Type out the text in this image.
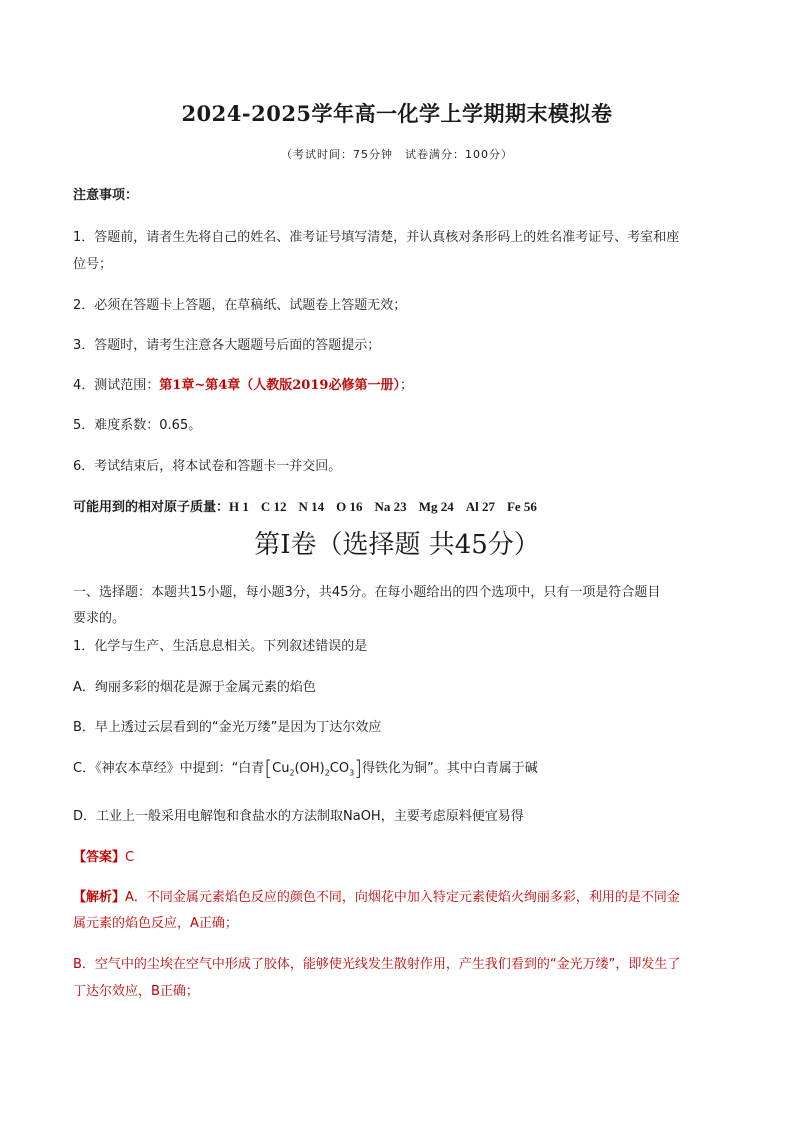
2024-2025学年高一化学上学期期末模拟卷
（考试时间：75分钟　试卷满分：100分）
注意事项：
1．答题前，请者生先将自己的姓名、准考证号填写清楚，并认真核对条形码上的姓名准考证号、考室和座
位号；
2．必须在答题卡上答题，在草稿纸、试题卷上答题无效；
3．答题时，请考生注意各大题题号后面的答题提示；
4．测试范围：第1章~第4章（人教版2019必修第一册）；
5．难度系数：0.65。
6．考试结束后，将本试卷和答题卡一并交回。
可能用到的相对原子质量：H 1 C 12 N 14 O 16 Na 23 Mg 24 Al 27 Fe 56
第Ⅰ卷（选择题 共45分）
一、选择题：本题共15小题，每小题3分，共45分。在每小题给出的四个选项中，只有一项是符合题目
要求的。
1．化学与生产、生活息息相关。下列叙述错误的是
A．绚丽多彩的烟花是源于金属元素的焰色
B．早上透过云层看到的“金光万缕”是因为丁达尔效应
C．《神农本草经》中提到：“白青$[Cu_2(OH)_2CO_3]$得铁化为铜”。其中白青属于碱
D．工业上一般采用电解饱和食盐水的方法制取NaOH，主要考虑原料便宜易得
【答案】C
【解析】A．不同金属元素焰色反应的颜色不同，向烟花中加入特定元素使焰火绚丽多彩，利用的是不同金
属元素的焰色反应，A正确；
B．空气中的尘埃在空气中形成了胶体，能够使光线发生散射作用，产生我们看到的“金光万缕”，即发生了
丁达尔效应，B正确；
